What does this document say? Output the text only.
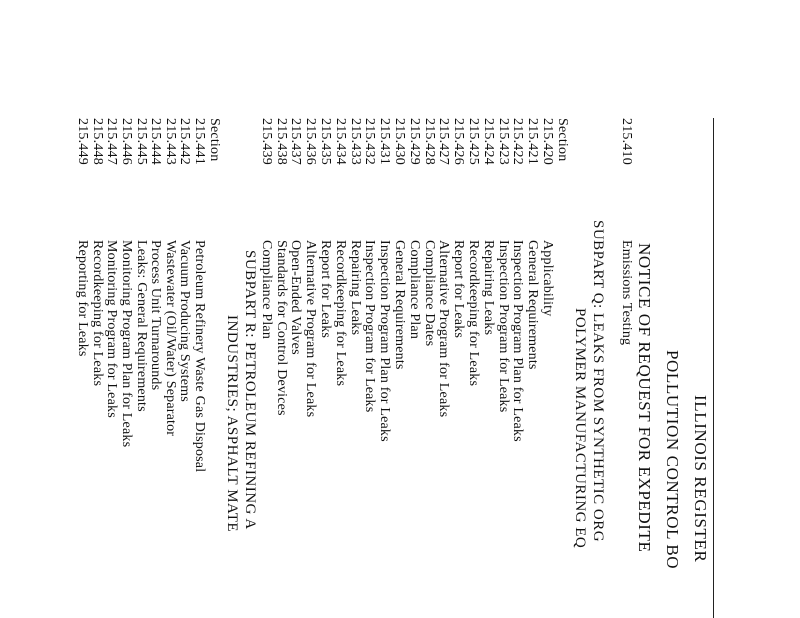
ILLINOIS REGISTER
POLLUTION CONTROL BO
NOTICE OF REQUEST FOR EXPEDITE
215.410
Emissions Testing
SUBPART Q: LEAKS FROM SYNTHETIC ORG
POLYMER MANUFACTURING EQ
Section
215.420
Applicability
215.421
General Requirements
215.422
Inspection Program Plan for Leaks
215.423
Inspection Program for Leaks
215.424
Repairing Leaks
215.425
Recordkeeping for Leaks
215.426
Report for Leaks
215.427
Alternative Program for Leaks
215.428
Compliance Dates
215.429
Compliance Plan
215.430
General Requirements
215.431
Inspection Program Plan for Leaks
215.432
Inspection Program for Leaks
215.433
Repairing Leaks
215.434
Recordkeeping for Leaks
215.435
Report for Leaks
215.436
Alternative Program for Leaks
215.437
Open-Ended Valves
215.438
Standards for Control Devices
215.439
Compliance Plan
SUBPART R: PETROLEUM REFINING A
INDUSTRIES; ASPHALT MATE
Section
215.441
Petroleum Refinery Waste Gas Disposal
215.442
Vacuum Producing Systems
215.443
Wastewater (Oil/Water) Separator
215.444
Process Unit Turnarounds
215.445
Leaks: General Requirements
215.446
Monitoring Program Plan for Leaks
215.447
Monitoring Program for Leaks
215.448
Recordkeeping for Leaks
215.449
Reporting for Leaks
